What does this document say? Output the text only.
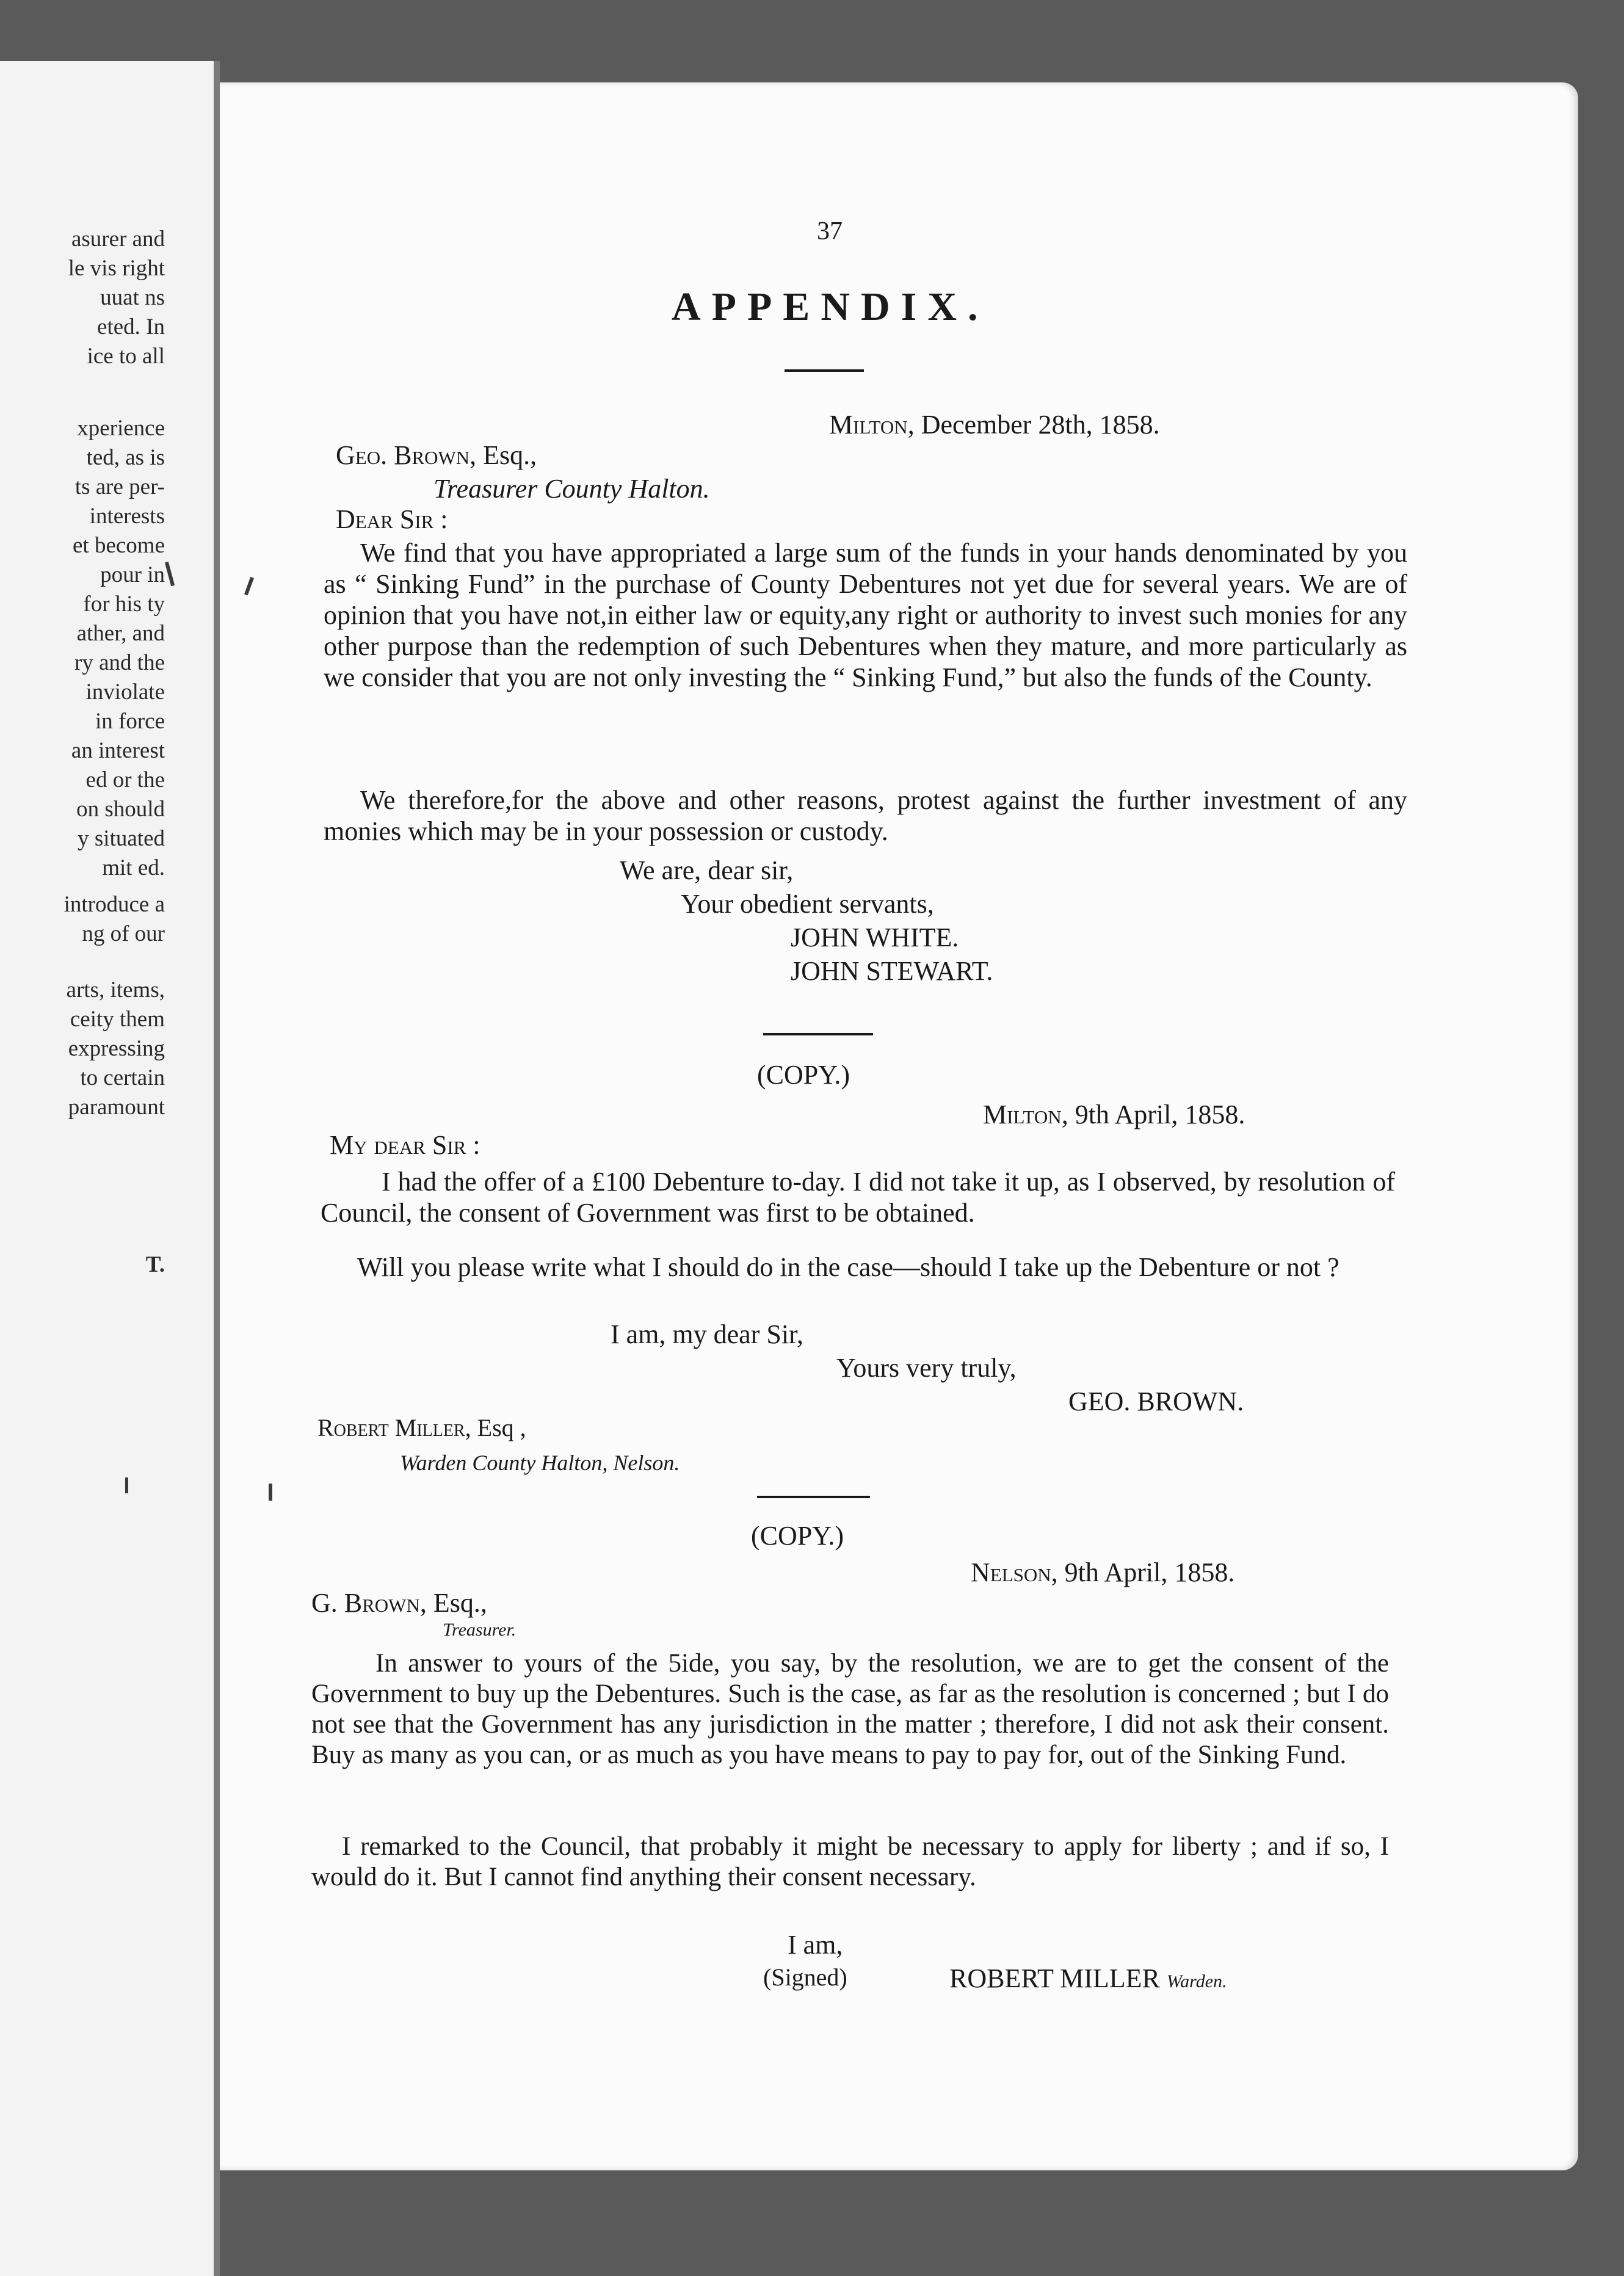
asurer and
le vis right
uuat ns
eted. In
ice to all
xperience
ted, as is
ts are per-
interests
et become
pour in
for his ty
ather, and
ry and the
inviolate
in force
an interest
ed or the
on should
y situated
mit ed.
introduce a
ng of our
arts, items,
ceity them
expressing
to certain
paramount
T.
37
APPENDIX.
Milton, December 28th, 1858.
Geo. Brown, Esq.,
Treasurer County Halton.
Dear Sir :
We find that you have appropriated a large sum of the funds in your hands denominated by you as “ Sinking Fund” in the purchase of County Debentures not yet due for several years. We are of opinion that you have not,in either law or equity,any right or authority to invest such monies for any other purpose than the redemption of such Debentures when they mature, and more particularly as we consider that you are not only investing the “ Sinking Fund,” but also the funds of the County.
We therefore,for the above and other reasons, protest against the further investment of any monies which may be in your possession or custody.
We are, dear sir,
Your obedient servants,
JOHN WHITE.
JOHN STEWART.
(COPY.)
Milton, 9th April, 1858.
My dear Sir :
I had the offer of a £100 Debenture to-day. I did not take it up, as I observed, by resolution of Council, the consent of Government was first to be obtained.
Will you please write what I should do in the case—should I take up the Debenture or not ?
I am, my dear Sir,
Yours very truly,
GEO. BROWN.
Robert Miller, Esq ,
Warden County Halton, Nelson.
(COPY.)
Nelson, 9th April, 1858.
G. Brown, Esq.,
Treasurer.
In answer to yours of the 5ide, you say, by the resolution, we are to get the consent of the Government to buy up the Debentures. Such is the case, as far as the resolution is concerned ; but I do not see that the Government has any jurisdiction in the matter ; therefore, I did not ask their consent. Buy as many as you can, or as much as you have means to pay to pay for, out of the Sinking Fund.
I remarked to the Council, that probably it might be necessary to apply for liberty ; and if so, I would do it. But I cannot find anything their consent necessary.
I am,
(Signed)	ROBERT MILLER Warden.
